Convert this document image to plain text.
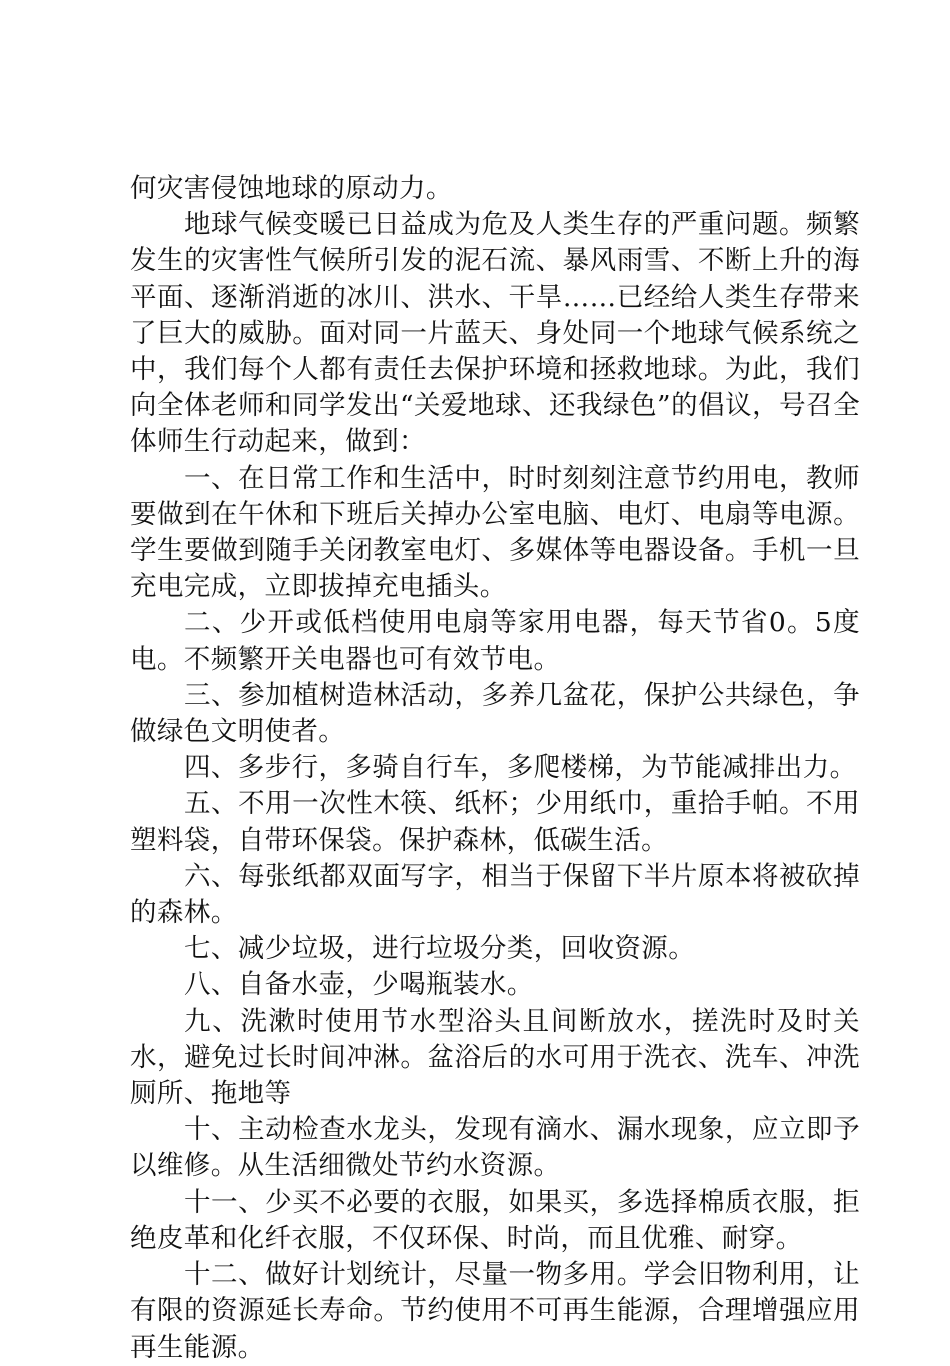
何灾害侵蚀地球的原动力。

地球气候变暖已日益成为危及人类生存的严重问题。频繁发生的灾害性气候所引发的泥石流、暴风雨雪、不断上升的海平面、逐渐消逝的冰川、洪水、干旱……已经给人类生存带来了巨大的威胁。面对同一片蓝天、身处同一个地球气候系统之中，我们每个人都有责任去保护环境和拯救地球。为此，我们向全体老师和同学发出“关爱地球、还我绿色”的倡议，号召全体师生行动起来，做到：

一、在日常工作和生活中，时时刻刻注意节约用电，教师要做到在午休和下班后关掉办公室电脑、电灯、电扇等电源。学生要做到随手关闭教室电灯、多媒体等电器设备。手机一旦充电完成，立即拔掉充电插头。

二、少开或低档使用电扇等家用电器，每天节省0。5度电。不频繁开关电器也可有效节电。

三、参加植树造林活动，多养几盆花，保护公共绿色，争做绿色文明使者。

四、多步行，多骑自行车，多爬楼梯，为节能减排出力。

五、不用一次性木筷、纸杯；少用纸巾，重拾手帕。不用塑料袋，自带环保袋。保护森林，低碳生活。

六、每张纸都双面写字，相当于保留下半片原本将被砍掉的森林。

七、减少垃圾，进行垃圾分类，回收资源。

八、自备水壶，少喝瓶装水。

九、洗漱时使用节水型浴头且间断放水，搓洗时及时关水，避免过长时间冲淋。盆浴后的水可用于洗衣、洗车、冲洗厕所、拖地等

十、主动检查水龙头，发现有滴水、漏水现象，应立即予以维修。从生活细微处节约水资源。

十一、少买不必要的衣服，如果买，多选择棉质衣服，拒绝皮革和化纤衣服，不仅环保、时尚，而且优雅、耐穿。

十二、做好计划统计，尽量一物多用。学会旧物利用，让有限的资源延长寿命。节约使用不可再生能源，合理增强应用再生能源。
